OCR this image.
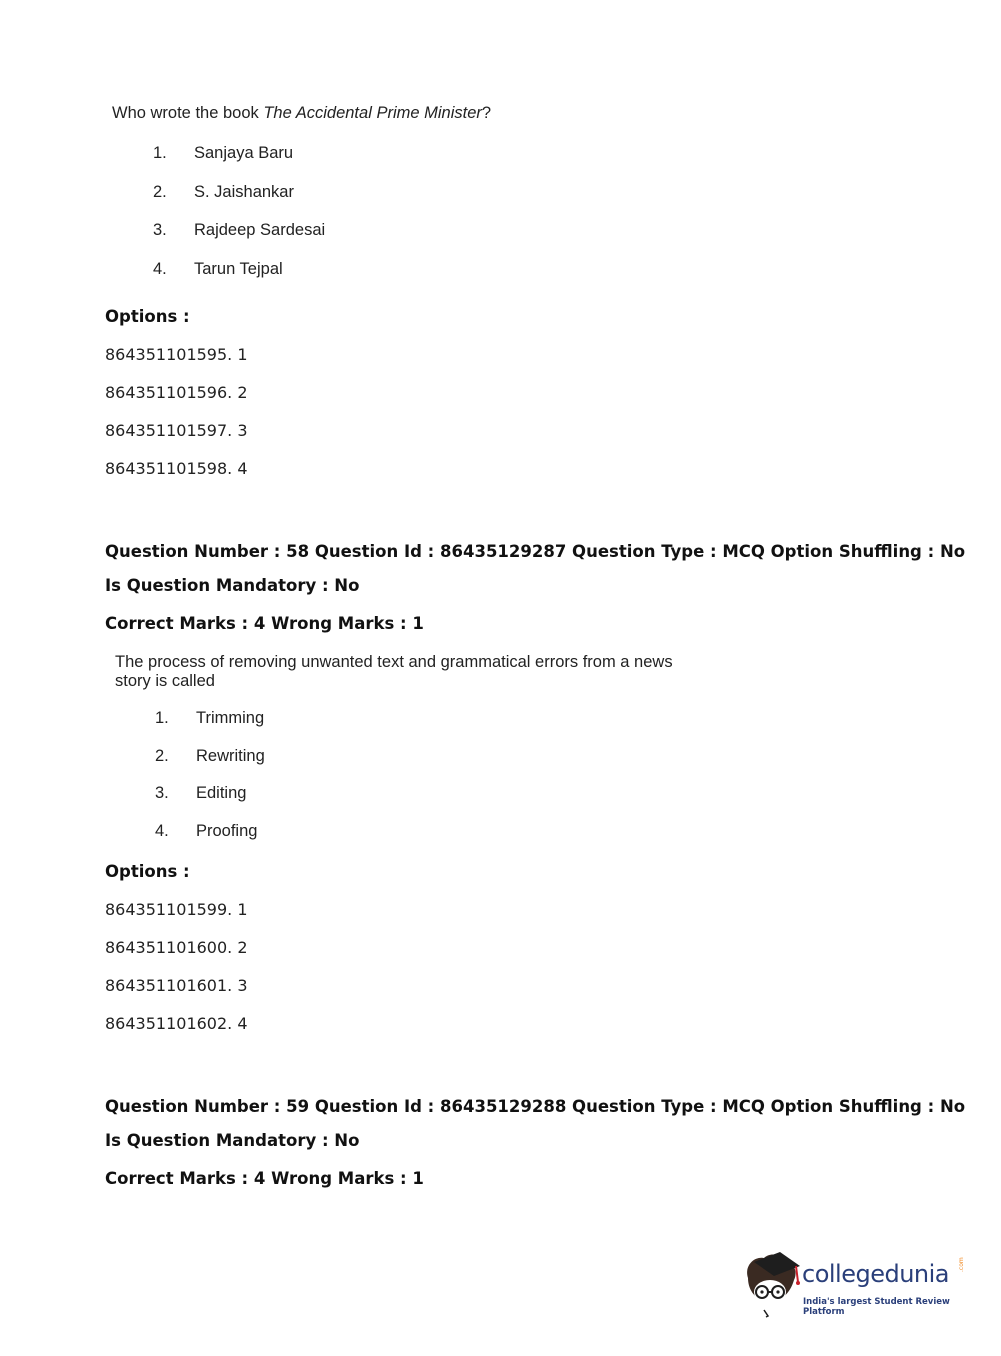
Who wrote the book The Accidental Prime Minister?
1. Sanjaya Baru
2. S. Jaishankar
3. Rajdeep Sardesai
4. Tarun Tejpal
Options :
864351101595. 1
864351101596. 2
864351101597. 3
864351101598. 4
Question Number : 58 Question Id : 86435129287 Question Type : MCQ Option Shuffling : No
Is Question Mandatory : No
Correct Marks : 4 Wrong Marks : 1
The process of removing unwanted text and grammatical errors from a news
story is called
1. Trimming
2. Rewriting
3. Editing
4. Proofing
Options :
864351101599. 1
864351101600. 2
864351101601. 3
864351101602. 4
Question Number : 59 Question Id : 86435129288 Question Type : MCQ Option Shuffling : No
Is Question Mandatory : No
Correct Marks : 4 Wrong Marks : 1
collegedunia .com
India's largest Student Review Platform
